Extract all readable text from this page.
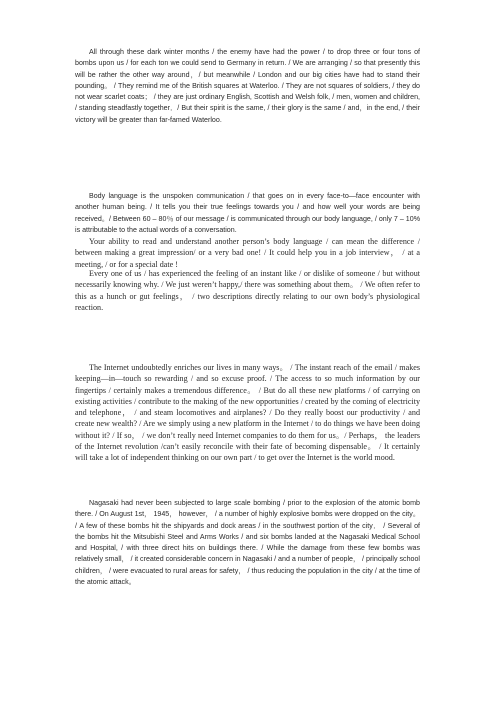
All through these dark winter months / the enemy have had the power / to drop three or four tons of bombs upon us / for each ton we could send to Germany in return. / We are arranging / so that presently this will be rather the other way around，/ but meanwhile / London and our big cities have had to stand their pounding。 / They remind me of the British squares at Waterloo. / They are not squares of soldiers, / they do not wear scarlet coats； / they are just ordinary English, Scottish and Welsh folk, / men, women and children, / standing steadfastly together．/ But their spirit is the same, / their glory is the same / and，in the end, / their victory will be greater than far-famed Waterloo.

Body language is the unspoken communication / that goes on in every face-to—face encounter with another human being. / It tells you their true feelings towards you / and how well your words are being received。/ Between 60 – 80％ of our message / is communicated through our body language, / only 7 – 10% is attributable to the actual words of a conversation.

Your ability to read and understand another person’s body language / can mean the difference / between making a great impression/ or a very bad one! / It could help you in a job interview， / at a meeting, / or for a special date !

Every one of us / has experienced the feeling of an instant like / or dislike of someone / but without necessarily knowing why. / We just weren’t happy,/ there was something about them。 / We often refer to this as a hunch or gut feelings， / two descriptions directly relating to our own body’s physiological reaction.

The Internet undoubtedly enriches our lives in many ways。 / The instant reach of the email / makes keeping—in—touch so rewarding / and so excuse proof. / The access to so much information by our fingertips / certainly makes a tremendous difference。 / But do all these new platforms / of carrying on existing activities / contribute to the making of the new opportunities / created by the coming of electricity and telephone， / and steam locomotives and airplanes? / Do they really boost our productivity / and create new wealth? / Are we simply using a new platform in the Internet / to do things we have been doing without it? / If so， / we don’t really need Internet companies to do them for us。/ Perhaps， the leaders of the Internet revolution /can’t easily reconcile with their fate of becoming dispensable。 / It certainly will take a lot of independent thinking on our own part / to get over the Internet is the world mood.

Nagasaki had never been subjected to large scale bombing / prior to the explosion of the atomic bomb there. / On August 1st， 1945， however， / a number of highly explosive bombs were dropped on the city。 / A few of these bombs hit the shipyards and dock areas / in the southwest portion of the city． / Several of the bombs hit the Mitsubishi Steel and Arms Works / and six bombs landed at the Nagasaki Medical School and Hospital, / with three direct hits on buildings there. / While the damage from these few bombs was relatively small， / it created considerable concern in Nagasaki / and a number of people， / principally school children， / were evacuated to rural areas for safety， / thus reducing the population in the city / at the time of the atomic attack。
